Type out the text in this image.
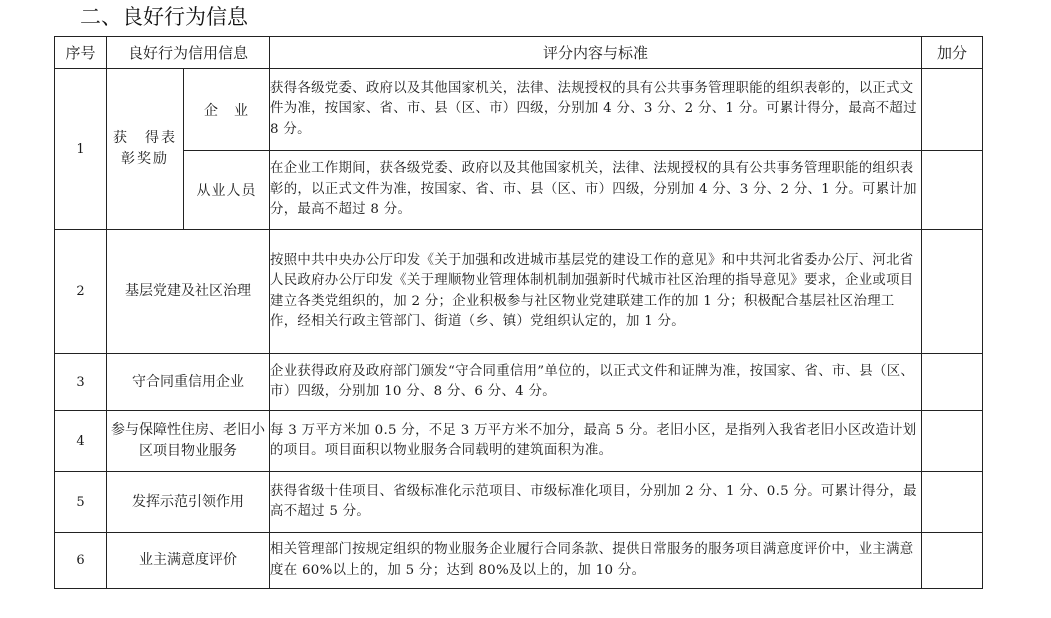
二、良好行为信息
序号	良好行为信用信息		评分内容与标准	加分
1	获　得表彰奖励	企　业	获得各级党委、政府以及其他国家机关，法律、法规授权的具有公共事务管理职能的组织表彰的，以正式文件为准，按国家、省、市、县（区、市）四级，分别加 4 分、3 分、2 分、1 分。可累计得分，最高不超过 8 分。	
		从业人员	在企业工作期间，获各级党委、政府以及其他国家机关，法律、法规授权的具有公共事务管理职能的组织表彰的，以正式文件为准，按国家、省、市、县（区、市）四级，分别加 4 分、3 分、2 分、1 分。可累计加分，最高不超过 8 分。	
2	基层党建及社区治理		按照中共中央办公厅印发《关于加强和改进城市基层党的建设工作的意见》和中共河北省委办公厅、河北省人民政府办公厅印发《关于理顺物业管理体制机制加强新时代城市社区治理的指导意见》要求，企业或项目建立各类党组织的，加 2 分；企业积极参与社区物业党建联建工作的加 1 分；积极配合基层社区治理工作，经相关行政主管部门、街道（乡、镇）党组织认定的，加 1 分。	
3	守合同重信用企业		企业获得政府及政府部门颁发“守合同重信用”单位的，以正式文件和证牌为准，按国家、省、市、县（区、市）四级，分别加 10 分、8 分、6 分、4 分。	
4	参与保障性住房、老旧小区项目物业服务		每 3 万平方米加 0.5 分，不足 3 万平方米不加分，最高 5 分。老旧小区，是指列入我省老旧小区改造计划的项目。项目面积以物业服务合同载明的建筑面积为准。	
5	发挥示范引领作用		获得省级十佳项目、省级标准化示范项目、市级标准化项目，分别加 2 分、1 分、0.5 分。可累计得分，最高不超过 5 分。	
6	业主满意度评价		相关管理部门按规定组织的物业服务企业履行合同条款、提供日常服务的服务项目满意度评价中，业主满意度在 60%以上的，加 5 分；达到 80%及以上的，加 10 分。	
